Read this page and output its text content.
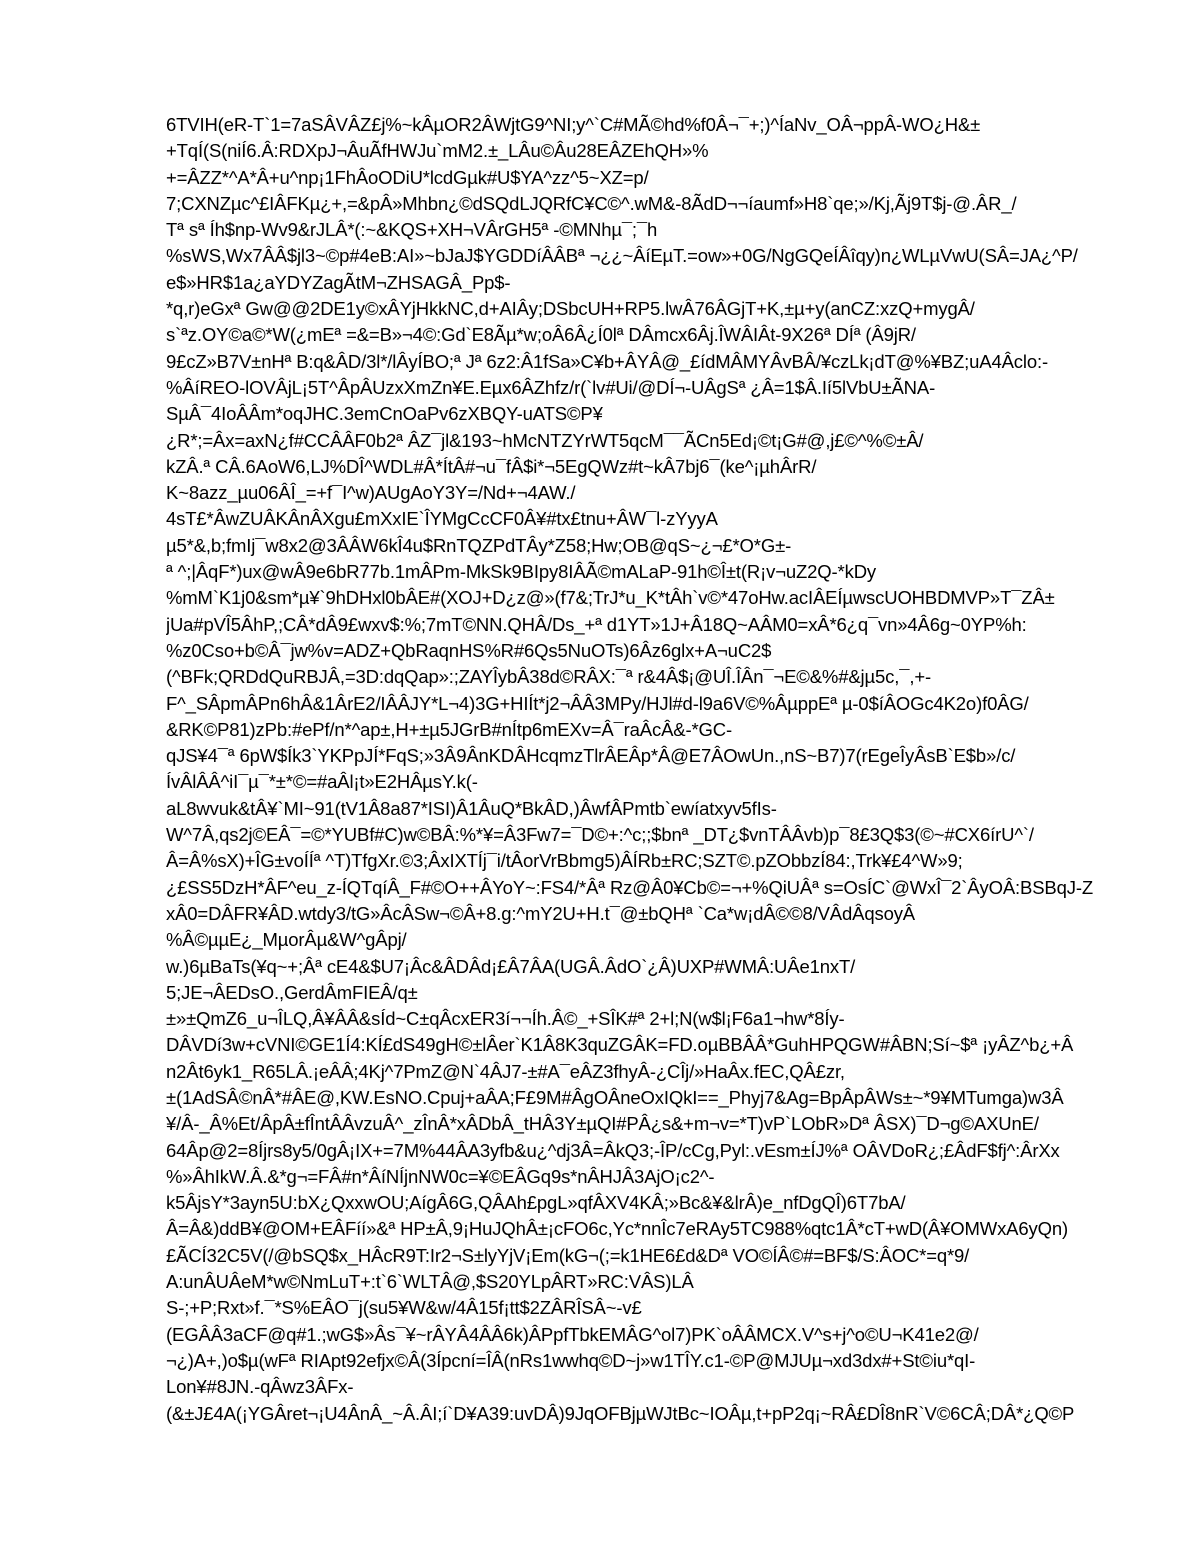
6TVIH(eR-T`1=7aSÂVÂZ£j%~kÂµOR2ÂWjtG9^NI;y^`C#MÃ©hd%f0Â¬¯+;)^ÍaNv_OÂ¬ppÂ-WO¿H&±
+TqÍ(S(niÍ6.Â:RDXpJ¬ÂuÃfHWJu`mM2.±_LÂu©Âu28EÂZEhQH»%
+=ÂZZ*^A*Â+u^np¡1FhÂoODiU*lcdGµk#U$YA^zz^5~XZ=p/
7;CXNZµc^£IÂFKµ¿+,=&pÂ»Mhbn¿©dSQdLJQRfC¥C©^.wM&-8ÃdD¬¬íaumf»H8`qe;»/Kj,Ãj9T$j-@.ÂR_/
Tª sª Íh$np-Wv9&rJLÂ*(:~&KQS+XH¬VÂrGH5ª -©MNhµ¯;¯h
%sWS,Wx7ÂÂ$jl3~©p#4eB:AI»~bJaJ$YGDDíÂÂBª ¬¿¿~ÂíEµT.=ow»+0G/NgGQeÍÂîqy)n¿WLµVwU(SÂ=JA¿^P/
e$»HR$1a¿aYDYZagÃtM¬ZHSAGÂ_Pp$-
*q,r)eGxª Gw@@2DE1y©xÂYjHkkNC,d+AIÂy;DSbcUH+RP5.lwÂ76ÂGjT+K,±µ+y(anCZ:xzQ+mygÂ/
s`ªz.OY©a©*W(¿mEª =&=B»¬4©:Gd`E8Ãµ*w;oÂ6Â¿Í0lª DÂmcx6Âj.ÎWÂIÂt-9X26ª DÍª (Â9jR/
9£cZ»B7V±nHª B:q&ÂD/3l*/lÂyÍBO;ª Jª 6z2:Â1fSa»C¥b+ÂYÂ@_£ídMÂMYÂvBÂ/¥czLk¡dT@%¥BZ;uA4Âclo:-
%ÂíREO-lOVÂjL¡5T^ÂpÂUzxXmZn¥E.Eµx6ÂZhfz/r(`lv#Ui/@DÍ¬-UÂgSª ¿Â=1$Â.Ií5lVbU±ÃNA-
SµÂ¯4IoÂÂm*oqJHC.3emCnOaPv6zXBQY-uATS©P¥
¿R*;=Âx=axN¿f#CCÂÂF0b2ª ÂZ¯jl&193~hMcNTZYrWT5qcM¯¯ÃCn5Ed¡©t¡G#@,j£©^%©±Â/
kZÂ.ª CÂ.6AoW6,LJ%DÎ^WDL#Â*ÍtÂ#¬u¯fÂ$i*¬5EgQWz#t~kÂ7bj6¯(ke^¡µhÂrR/
K~8azz_µu06ÂÎ_=+f¯I^w)AUgAoY3Y=/Nd+¬4AW./
4sT£*ÂwZUÂKÂnÂXgu£mXxIE`ÎYMgCcCF0Â¥#tx£tnu+ÂW¯l-zYyyA
µ5*&,b;fmIj¯w8x2@3ÂÂW6kÎ4u$RnTQZPdTÂy*Z58;Hw;OB@qS~¿¬£*O*G±-
ª ^;|ÂqF*)ux@wÂ9e6bR77b.1mÂPm-MkSk9BIpy8IÂÃ©mALaP-91h©Î±t(R¡v¬uZ2Q-*kDy
%mM`K1j0&sm*µ¥`9hDHxl0bÂE#(XOJ+D¿z@»(f7&;TrJ*u_K*tÂh`v©*47oHw.acIÂEÍµwscUOHBDMVP»T¯ZÂ±
jUa#pVÎ5ÂhP,;CÂ*dÂ9£wxv$:%;7mT©NN.QHÂ/Ds_+ª d1YT»1J+Â18Q~AÂM0=xÂ*6¿q¯vn»4Â6g~0YP%h:
%z0Cso+b©Â¯jw%v=ADZ+QbRaqnHS%R#6Qs5NuOTs)6Âz6glx+A¬uC2$
(^BFk;QRDdQuRBJÂ,=3D:dqQap»:;ZAYÎybÂ38d©RÂX:¯ª r&4Â$¡@UÎ.ÎÂn¯¬E©&%#&jµ5c,¯,+-
F^_SÂpmÂPn6hÂ&1ÂrE2/IÂÂJY*L¬4)3G+HIÍt*j2¬ÂÂ3MPy/HJl#d-l9a6V©%ÂµppEª µ-0$íÂOGc4K2o)f0ÂG/
&RK©P81)zPb:#ePf/n*^ap±,H+±µ5JGrB#nÍtp6mEXv=Â¯raÂcÂ&-*GC-
qJS¥4¯ª 6pW$Ík3`YKPpJÍ*FqS;»3Â9ÂnKDÂHcqmzTlrÂEÂp*Â@E7ÂOwUn.,nS~B7)7(rEgeÎyÂsB`E$b»/c/
ÍvÂlÂÂ^iI¯µ¯*±*©=#aÂl¡t»E2HÂµsY.k(-
aL8wvuk&tÂ¥`MI~91(tV1Â8a87*ISI)Â1ÂuQ*BkÂD,)ÂwfÂPmtb`ewíatxyv5fIs-
W^7Â,qs2j©EÂ¯=©*YUBf#C)w©BÂ:%*¥=Â3Fw7=¯D©+:^c;;$bnª _DT¿$vnTÂÂvb)p¯8£3Q$3(©~#CX6írU^`/
Â=Â%sX)+ÎG±voÍÍª ^T)TfgXr.©3;ÂxIXTÍj¯i/tÂorVrBbmg5)ÂÍRb±RC;SZT©.pZObbzÍ84:,Trk¥£4^W»9;
¿£SS5DzH*ÂF^eu_z-ÍQTqíÂ_F#©O++ÂYoY~:FS4/*Âª Rz@Â0¥Cb©=¬+%QiUÂª s=OsÍC`@WxÎ¯2`ÂyOÂ:BSBqJ-Z
xÂ0=DÂFR¥ÂD.wtdy3/tG»ÂcÂSw¬©Â+8.g:^mY2U+H.t¯@±bQHª `Ca*w¡dÂ©©8/VÂdÂqsoyÂ
%Â©µµE¿_MµorÂµ&W^gÂpj/
w.)6µBaTs(¥q~+;Âª cE4&$U7¡Âc&ÂDÂd¡£Â7ÂA(UGÂ.ÂdO`¿Â)UXP#WMÂ:UÂe1nxT/
5;JE¬ÂEDsO.,GerdÂmFIEÂ/q±
±»±QmZ6_u¬ÎLQ,Â¥ÂÂ&sÍd~C±qÂcxER3í¬¬Íh.Â©_+SÎK#ª 2+l;N(w$l¡F6a1¬hw*8Íy-
DÂVDí3w+cVNI©GE1Í4:KÍ£dS49gH©±lÂer`K1Â8K3quZGÂK=FD.oµBBÂÂ*GuhHPQGW#ÂBN;Sí~$ª ¡yÂZ^b¿+Â
n2Ât6yk1_R65LÂ.¡eÂÂ;4Kj^7PmZ@N`4ÂJ7-±#A¯eÂZ3fhyÂ-¿CÎj/»HaÂx.fEC,QÂ£zr,
±(1AdSÂ©nÂ*#ÂE@,KW.EsNO.Cpuj+aÂA;F£9M#ÂgOÂneOxIQkI==_Phyj7&Ag=BpÂpÂWs±~*9¥MTumga)w3Â
¥/Â-_Â%Et/ÂpÂ±fÎntÂÂvzuÂ^_zÎnÂ*xÂDbÂ_tHÂ3Y±µQI#PÂ¿s&+m¬v=*T)vP`LObR»Dª ÂSX)¯D¬g©AXUnE/
64Âp@2=8Íjrs8y5/0gÂ¡IX+=7M%44ÂA3yfb&u¿^dj3Â=ÂkQ3;-ÎP/cCg,Pyl:.vEsm±ÍJ%ª OÂVDoR¿;£ÂdF$fj^:ÂrXx
%»ÂhIkW.Â.&*g¬=FÂ#n*ÂíNÍjnNW0c=¥©EÂGq9s*nÂHJÂ3AjO¡c2^-
k5ÂjsY*3ayn5U:bX¿QxxwOU;AígÂ6G,QÂAh£pgL»qfÂXV4KÂ;»Bc&¥&lrÂ)e_nfDgQÎ)6T7bA/
Â=Â&)ddB¥@OM+EÂFíí»&ª HP±Â,9¡HuJQhÂ±¡cFO6c,Yc*nnÎc7eRAy5TC988%qtc1Â*cT+wD(Â¥OMWxA6yQn)
£ÃCÍ32C5V(/@bSQ$x_HÂcR9T:Ir2¬S±lyYjV¡Em(kG¬(;=k1HE6£d&Dª VO©ÍÂ©#=BF$/S:ÂOC*=q*9/
A:unÂUÂeM*w©NmLuT+:t`6`WLTÂ@,$S20YLpÂRT»RC:VÂS)LÂ
S-;+P;Rxt»f.¯*S%EÂO¯j(su5¥W&w/4Â15f¡tt$2ZÂRÎSÂ~-v£
(EGÂÂ3aCF@q#1.;wG$»Âs¯¥~rÂYÂ4ÂÂ6k)ÂPpfTbkEMÂG^ol7)PK`oÂÂMCX.V^s+j^o©U¬K41e2@/
¬¿)A+,)o$µ(wFª RIApt92efjx©Â(3Ípcní=ÎÂ(nRs1wwhq©D~j»w1TÎY.c1-©P@MJUµ¬xd3dx#+St©iu*qI-
Lon¥#8JN.-qÂwz3ÂFx-
(&±J£4A(¡YGÂret¬¡U4ÂnÂ_~Â.ÂI;í`D¥A39:uvDÂ)9JqOFBjµWJtBc~IOÂµ,t+pP2q¡~RÂ£DÎ8nR`V©6CÂ;DÂ*¿Q©P
